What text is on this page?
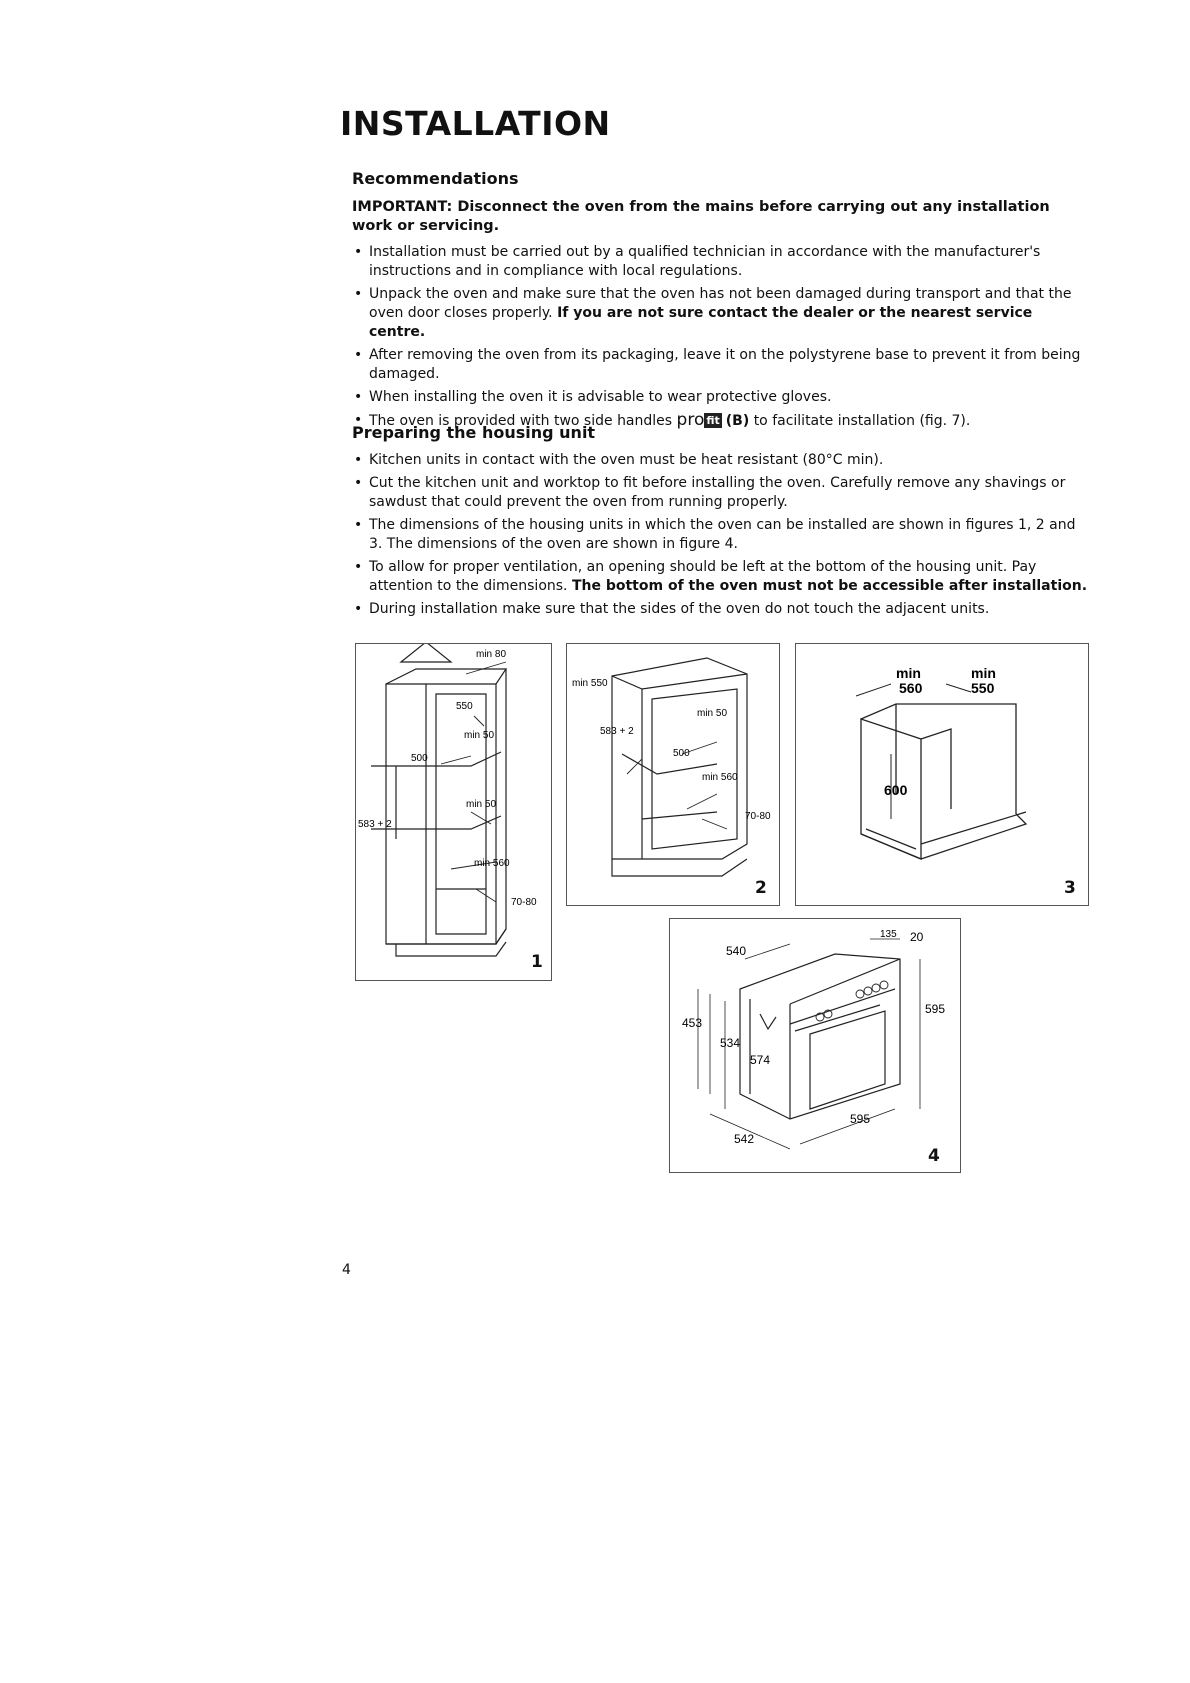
INSTALLATION
Recommendations
IMPORTANT: Disconnect the oven from the mains before carrying out any installation work or servicing.
• Installation must be carried out by a qualified technician in accordance with the manufacturer's instructions and in compliance with local regulations.
• Unpack the oven and make sure that the oven has not been damaged during transport and that the oven door closes properly. If you are not sure contact the dealer or the nearest service centre.
• After removing the oven from its packaging, leave it on the polystyrene base to prevent it from being damaged.
• When installing the oven it is advisable to wear protective gloves.
• The oven is provided with two side handles pro fit (B) to facilitate installation (fig. 7).
Preparing the housing unit
• Kitchen units in contact with the oven must be heat resistant (80°C min).
• Cut the kitchen unit and worktop to fit before installing the oven. Carefully remove any shavings or sawdust that could prevent the oven from running properly.
• The dimensions of the housing units in which the oven can be installed are shown in figures 1, 2 and 3. The dimensions of the oven are shown in figure 4.
• To allow for proper ventilation, an opening should be left at the bottom of the housing unit. Pay attention to the dimensions. The bottom of the oven must not be accessible after installation.
• During installation make sure that the sides of the oven do not touch the adjacent units.
min 80
550
min 50
500
min 50
583 + 2
min 560
70-80
1
min 550
min 50
583 + 2
500
min 560
70-80
2
min
560
min
550
600
3
540
135 20
595
453
534
574
595
542
4
4
